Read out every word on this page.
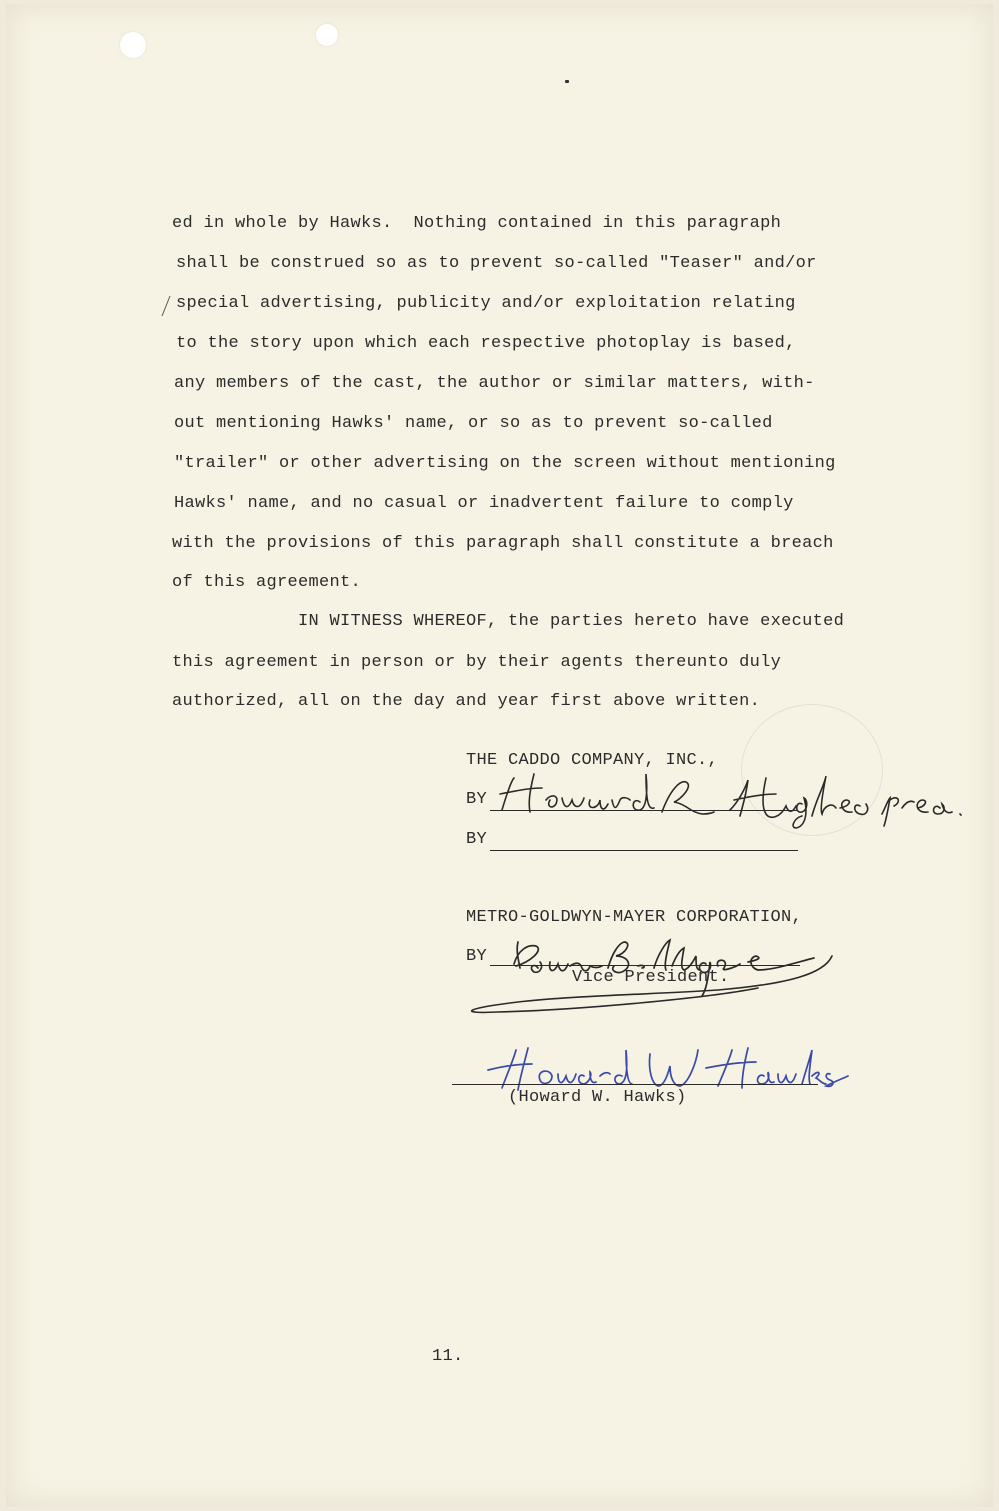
ed in whole by Hawks.  Nothing contained in this paragraph
shall be construed so as to prevent so-called "Teaser" and/or
special advertising, publicity and/or exploitation relating
to the story upon which each respective photoplay is based,
any members of the cast, the author or similar matters, with-
out mentioning Hawks' name, or so as to prevent so-called
"trailer" or other advertising on the screen without mentioning
Hawks' name, and no casual or inadvertent failure to comply
with the provisions of this paragraph shall constitute a breach
of this agreement.
IN WITNESS WHEREOF, the parties hereto have executed
this agreement in person or by their agents thereunto duly
authorized, all on the day and year first above written.
THE CADDO COMPANY, INC.,
BY
BY
METRO-GOLDWYN-MAYER CORPORATION,
BY
Vice President.
(Howard W. Hawks)
11.
